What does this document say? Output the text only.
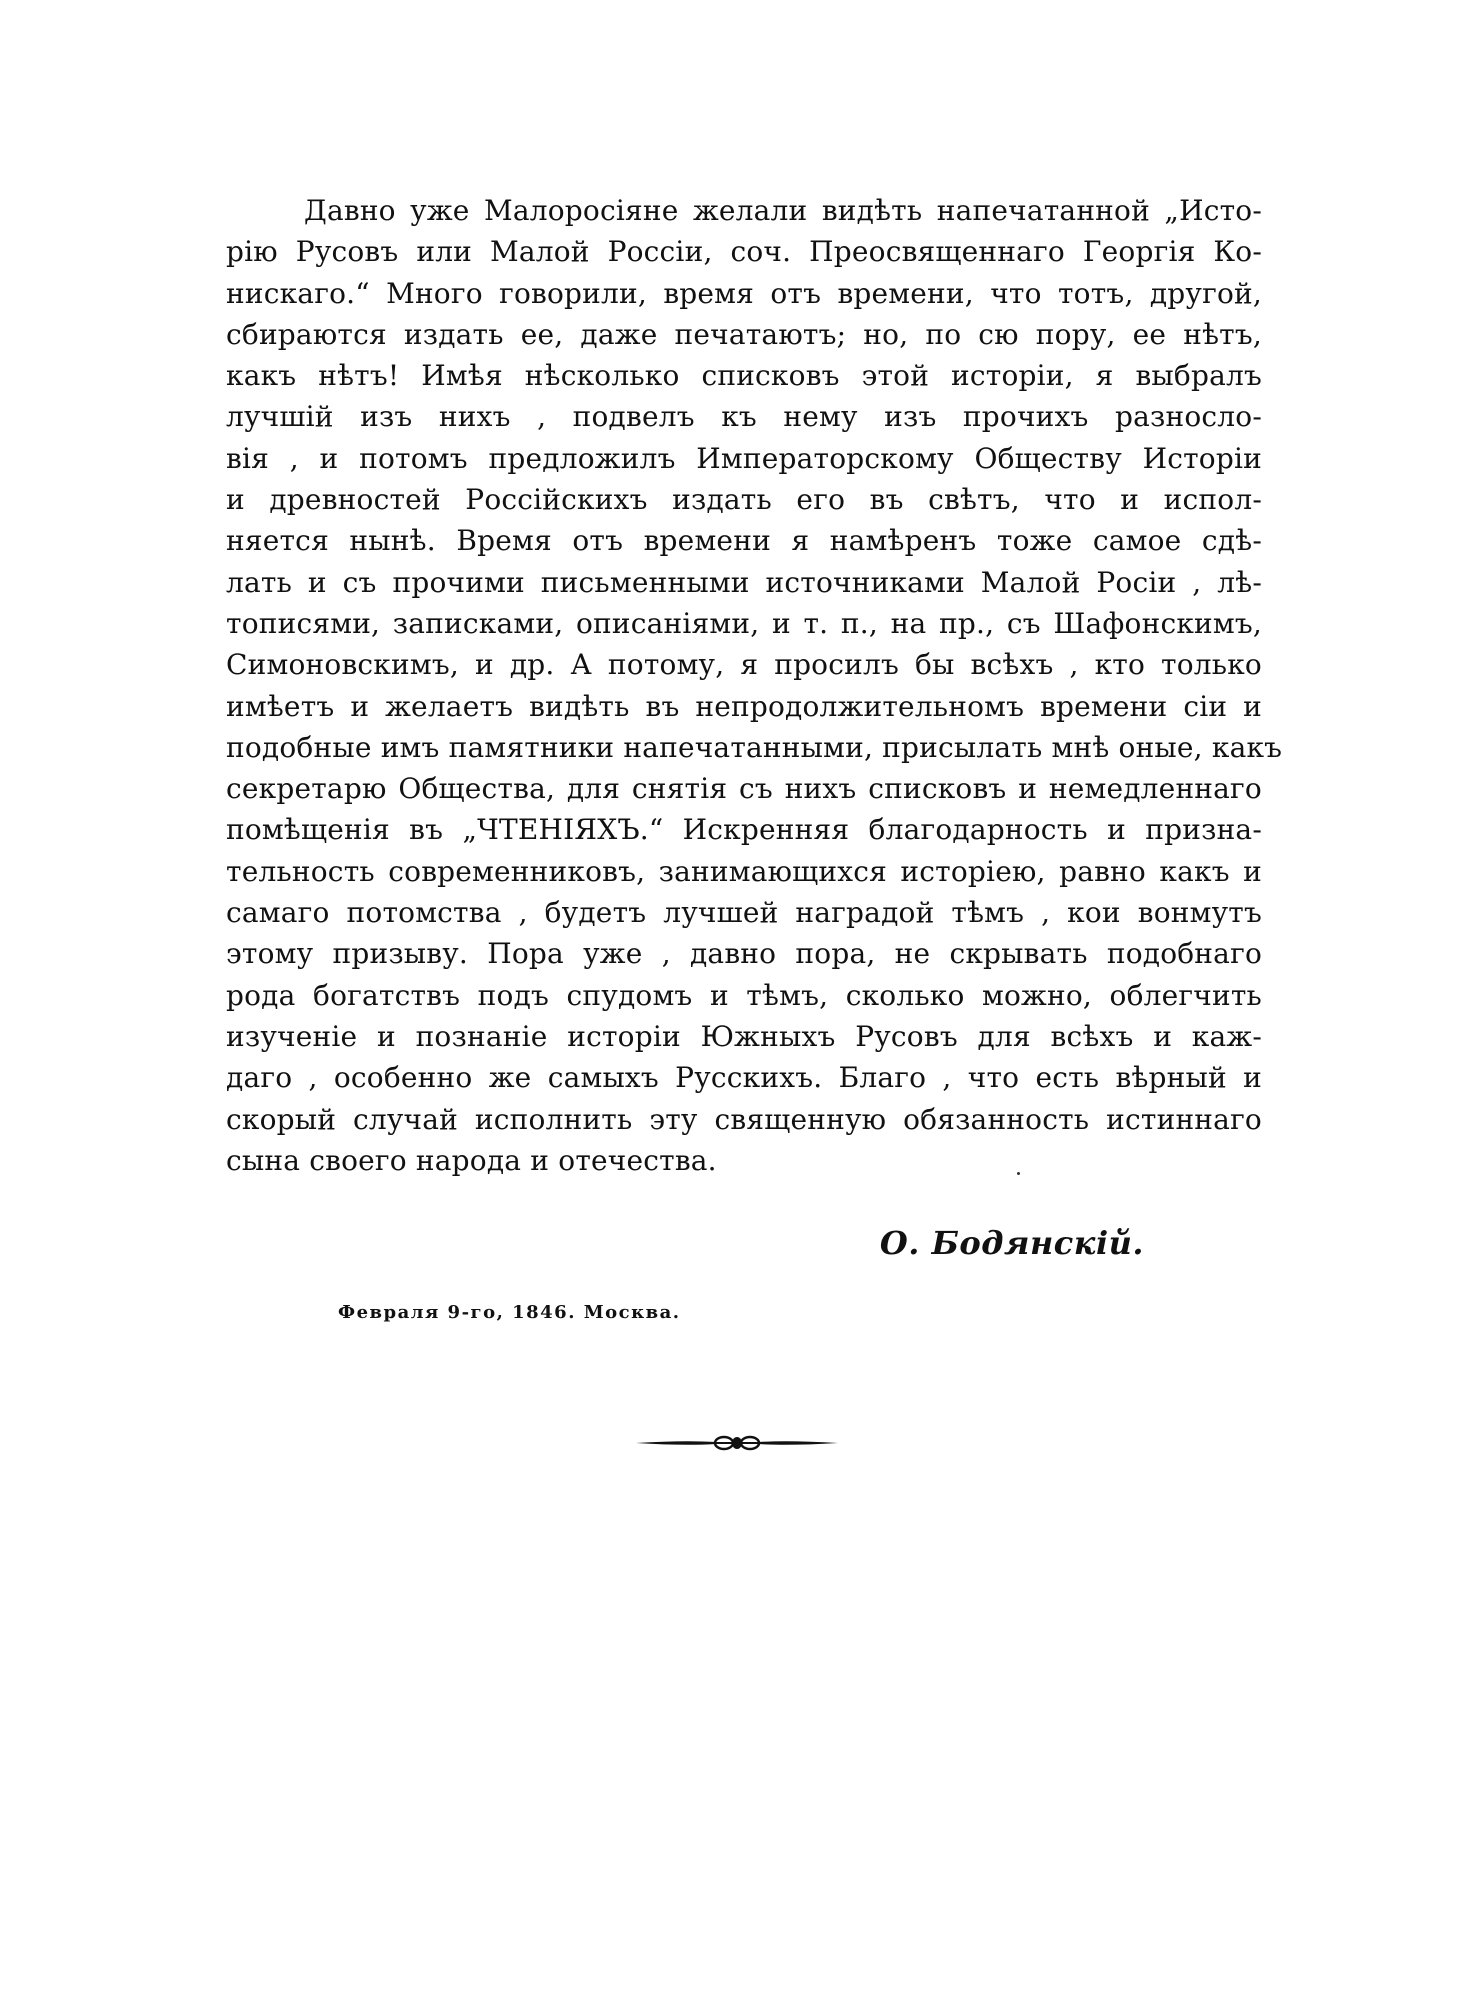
Давно уже Малоросіяне желали видѣть напечатанной „Исто-
рію Русовъ или Малой Россіи, соч. Преосвященнаго Георгія Ко-
нискаго.“ Много говорили, время отъ времени, что тотъ, другой,
сбираются издать ее, даже печатаютъ; но, по сю пору, ее нѣтъ,
какъ нѣтъ! Имѣя нѣсколько списковъ этой исторіи, я выбралъ
лучшій изъ нихъ , подвелъ къ нему изъ прочихъ разносло-
вія , и потомъ предложилъ Императорскому Обществу Исторіи
и древностей Россійскихъ издать его въ свѣтъ, что и испол-
няется нынѣ. Время отъ времени я намѣренъ тоже самое сдѣ-
лать и съ прочими письменными источниками Малой Росіи , лѣ-
тописями, записками, описаніями, и т. п., на пр., съ Шафонскимъ,
Симоновскимъ, и др. А потому, я просилъ бы всѣхъ , кто только
имѣетъ и желаетъ видѣть въ непродолжительномъ времени сіи и
подобные имъ памятники напечатанными, присылать мнѣ оные, какъ
секретарю Общества, для снятія съ нихъ списковъ и немедленнаго
помѣщенія въ „ЧТЕНІЯХЪ.“ Искренняя благодарность и призна-
тельность современниковъ, занимающихся исторіею, равно какъ и
самаго потомства , будетъ лучшей наградой тѣмъ , кои вонмутъ
этому призыву. Пора уже , давно пора, не скрывать подобнаго
рода богатствъ подъ спудомъ и тѣмъ, сколько можно, облегчить
изученіе и познаніе исторіи Южныхъ Русовъ для всѣхъ и каж-
даго , особенно же самыхъ Русскихъ. Благо , что есть вѣрный и
скорый случай исполнить эту священную обязанность истиннаго
сына своего народа и отечества.
О. Бодянскій.
Февраля 9-го, 1846. Москва.
